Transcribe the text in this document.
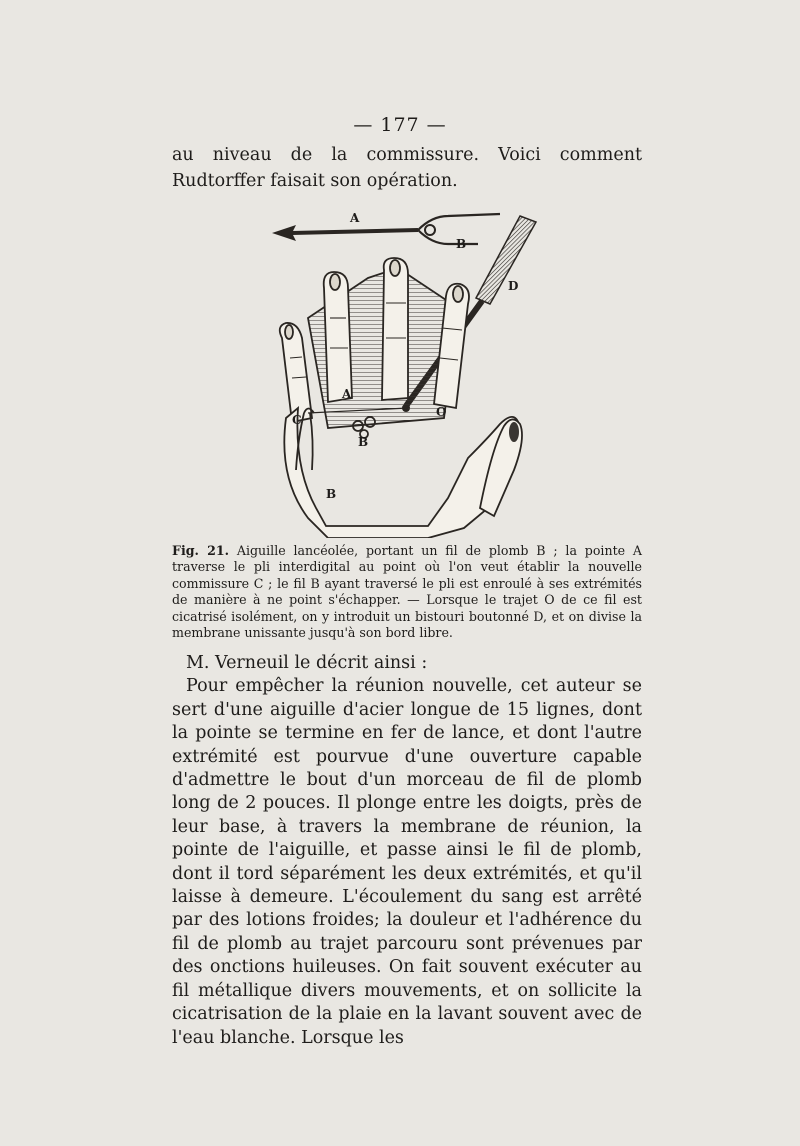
— 177 —

au niveau de la commissure. Voici comment Rudtorffer faisait son opération.

A
B
D
C
A
O
B
B
Fig. 21. Aiguille lancéolée, portant un fil de plomb B ; la pointe A traverse le pli interdigital au point où l'on veut établir la nouvelle commissure C ; le fil B ayant traversé le pli est enroulé à ses extrémités de manière à ne point s'échapper. — Lorsque le trajet O de ce fil est cicatrisé isolément, on y introduit un bistouri boutonné D, et on divise la membrane unissante jusqu'à son bord libre.

M. Verneuil le décrit ainsi :

Pour empêcher la réunion nouvelle, cet auteur se sert d'une aiguille d'acier longue de 15 lignes, dont la pointe se termine en fer de lance, et dont l'autre extrémité est pourvue d'une ouverture capable d'admettre le bout d'un morceau de fil de plomb long de 2 pouces. Il plonge entre les doigts, près de leur base, à travers la membrane de réunion, la pointe de l'aiguille, et passe ainsi le fil de plomb, dont il tord séparément les deux extrémités, et qu'il laisse à demeure. L'écoulement du sang est arrêté par des lotions froides; la douleur et l'adhérence du fil de plomb au trajet parcouru sont prévenues par des onctions huileuses. On fait souvent exécuter au fil métallique divers mouvements, et on sollicite la cicatrisation de la plaie en la lavant souvent avec de l'eau blanche. Lorsque les
